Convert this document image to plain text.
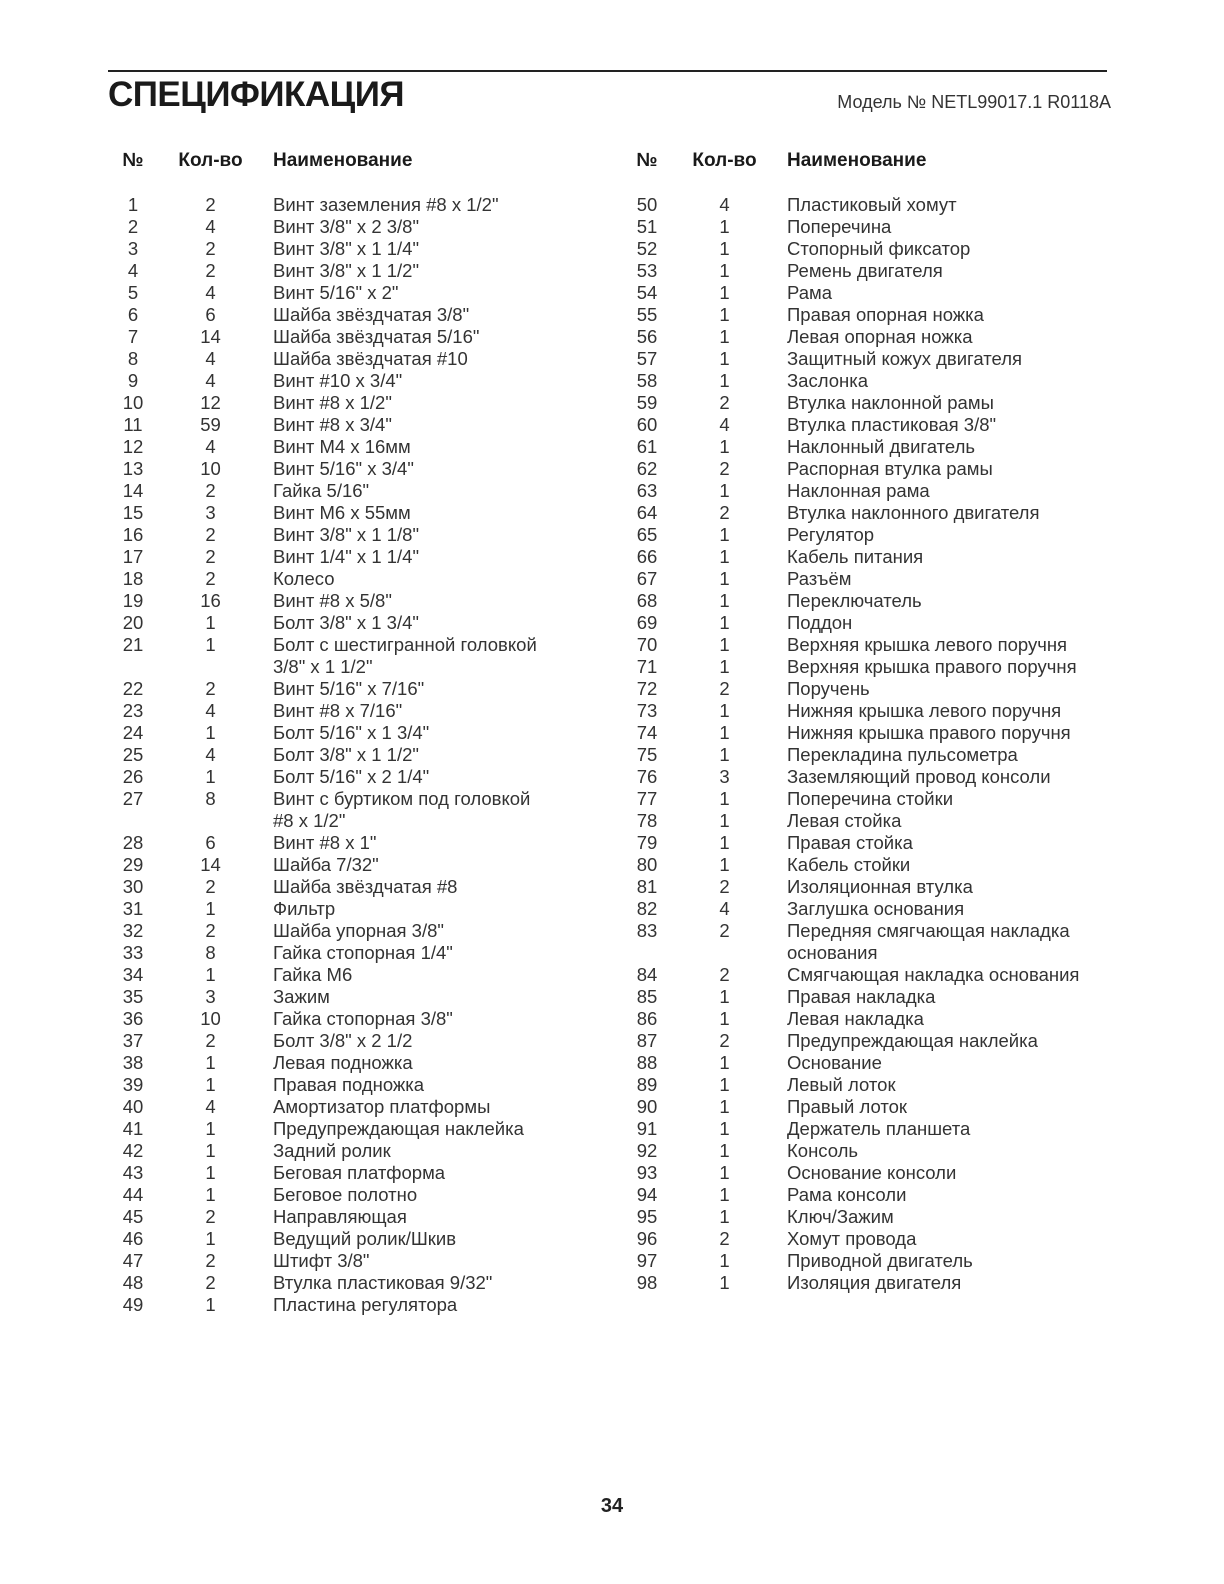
СПЕЦИФИКАЦИЯ	Модель № NETL99017.1 R0118A
№	Кол-во	Наименование
1	2	Винт заземления #8 x 1/2"
2	4	Винт 3/8" x 2 3/8"
3	2	Винт 3/8" x 1 1/4"
4	2	Винт 3/8" x 1 1/2"
5	4	Винт 5/16" x 2"
6	6	Шайба звёздчатая 3/8"
7	14	Шайба звёздчатая 5/16"
8	4	Шайба звёздчатая #10
9	4	Винт #10 x 3/4"
10	12	Винт #8 x 1/2"
11	59	Винт #8 x 3/4"
12	4	Винт M4 x 16мм
13	10	Винт 5/16" x 3/4"
14	2	Гайка 5/16"
15	3	Винт M6 x 55мм
16	2	Винт 3/8" x 1 1/8"
17	2	Винт 1/4" x 1 1/4"
18	2	Колесо
19	16	Винт #8 x 5/8"
20	1	Болт 3/8" x 1 3/4"
21	1	Болт с шестигранной головкой
3/8" x 1 1/2"
22	2	Винт 5/16" x 7/16"
23	4	Винт #8 x 7/16"
24	1	Болт 5/16" x 1 3/4"
25	4	Болт 3/8" x 1 1/2"
26	1	Болт 5/16" x 2 1/4"
27	8	Винт с буртиком под головкой
#8 x 1/2"
28	6	Винт #8 x 1"
29	14	Шайба 7/32"
30	2	Шайба звёздчатая #8
31	1	Фильтр
32	2	Шайба упорная 3/8"
33	8	Гайка стопорная 1/4"
34	1	Гайка M6

35	3	Зажим
36	10	Гайка стопорная 3/8"
37	2	Болт 3/8" x 2 1/2
38	1	Левая подножка
39	1	Правая подножка
40	4	Амортизатор платформы
41	1	Предупреждающая наклейка
42	1	Задний ролик
43	1	Беговая платформа
44	1	Беговое полотно
45	2	Направляющая
46	1	Ведущий ролик/Шкив
47	2	Штифт 3/8"
48	2	Втулка пластиковая 9/32"
49	1	Пластина регулятора
№	Кол-во	Наименование
50	4	Пластиковый хомут
51	1	Поперечина
52	1	Стопорный фиксатор
53	1	Ремень двигателя
54	1	Рама
55	1	Правая опорная ножка
56	1	Левая опорная ножка
57	1	Защитный кожух двигателя
58	1	Заслонка
59	2	Втулка наклонной рамы
60	4	Втулка пластиковая 3/8"
61	1	Наклонный двигатель
62	2	Распорная втулка рамы
63	1	Наклонная рама
64	2	Втулка наклонного двигателя
65	1	Регулятор
66	1	Кабель питания
67	1	Разъём
68	1	Переключатель
69	1	Поддон
70	1	Верхняя крышка левого поручня

71	1	Верхняя крышка правого поручня
72	2	Поручень
73	1	Нижняя крышка левого поручня
74	1	Нижняя крышка правого поручня
75	1	Перекладина пульсометра
76	3	Заземляющий провод консоли

77	1	Поперечина стойки
78	1	Левая стойка
79	1	Правая стойка
80	1	Кабель стойки
81	2	Изоляционная втулка
82	4	Заглушка основания
83	2	Передняя смягчающая накладка
основания
84	2	Смягчающая накладка основания
85	1	Правая накладка
86	1	Левая накладка
87	2	Предупреждающая наклейка
88	1	Основание
89	1	Левый лоток
90	1	Правый лоток
91	1	Держатель планшета
92	1	Консоль
93	1	Основание консоли
94	1	Рама консоли
95	1	Ключ/Зажим
96	2	Хомут провода
97	1	Приводной двигатель
98	1	Изоляция двигателя
34
